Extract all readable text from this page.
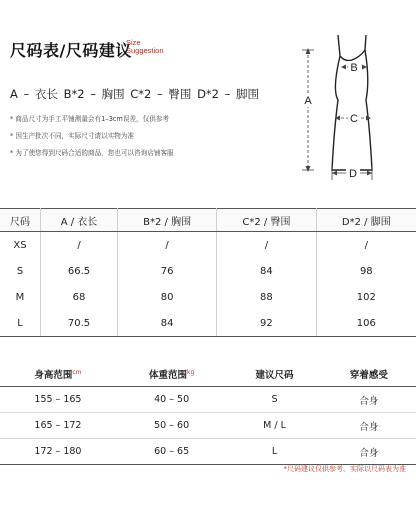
尺码表/尺码建议
Size
Suggestion
A – 衣长 B*2 – 胸围 C*2 – 臀围 D*2 – 脚围
* 商品尺寸为手工平铺测量会有1–3cm误差，仅供参考
* 因生产批次不同，实际尺寸请以实物为准
* 为了使您得到尺码合适的商品，您也可以咨询店铺客服
A
B
C
D
尺码	A / 衣长	B*2 / 胸围	C*2 / 臀围	D*2 / 脚围
XS	/	/	/	/
S	66.5	76	84	98
M	68	80	88	102
L	70.5	84	92	106
身高范围$^{cm}$	体重范围$^{kg}$	建议尺码	穿着感受
155 – 165	40 – 50	S	合身
165 – 172	50 – 60	M / L	合身
172 – 180	60 – 65	L	合身
*尺码建议仅供参考，实际以尺码表为准
